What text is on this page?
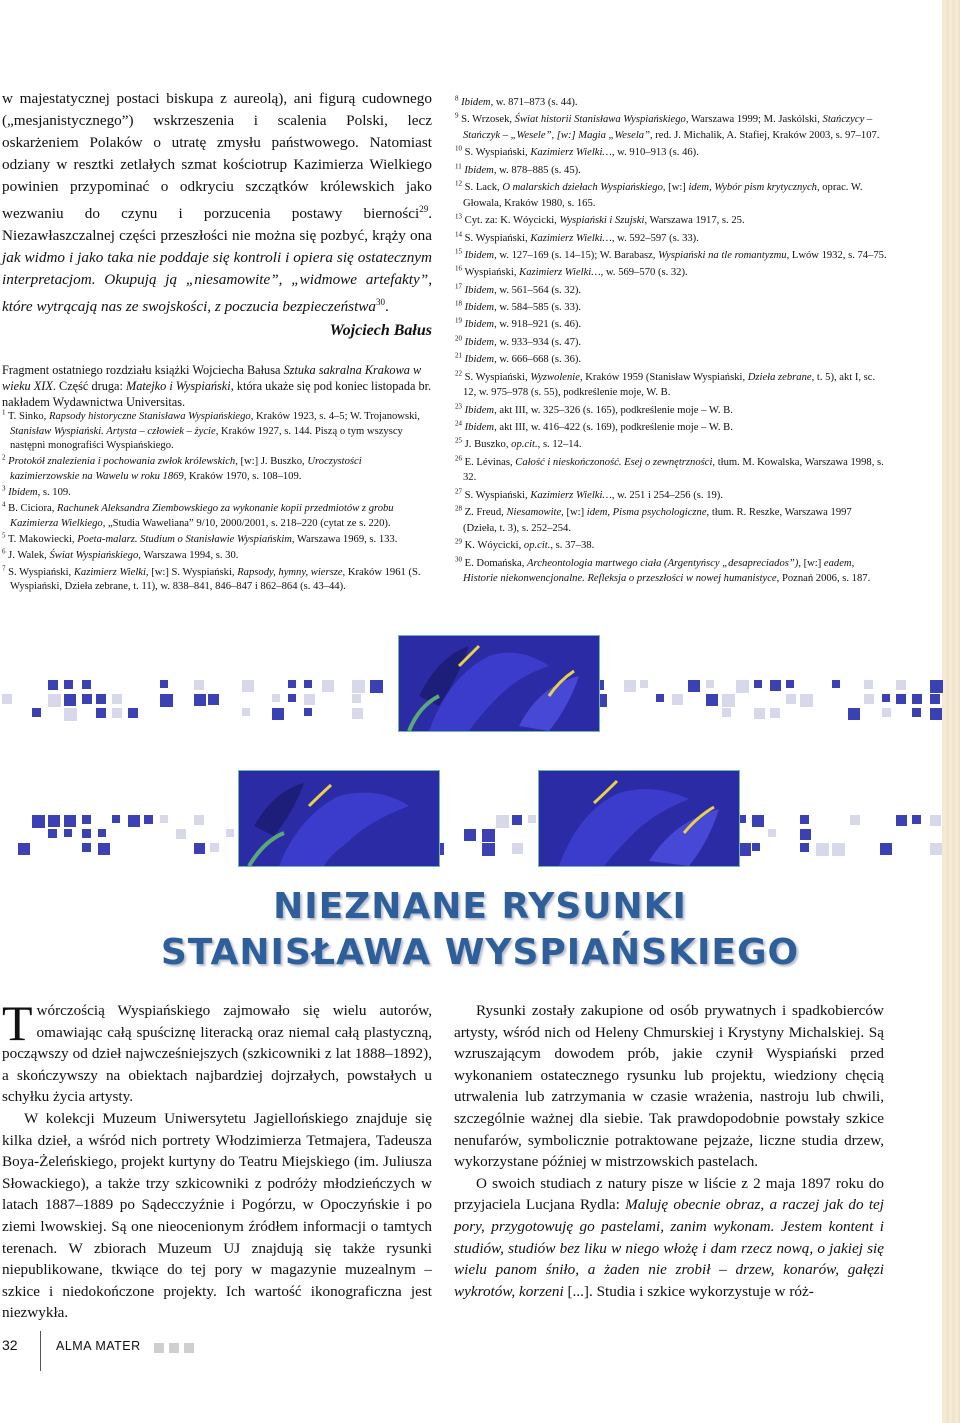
w majestatycznej postaci biskupa z aureolą), ani figurą cudownego („mesjanistycznego”) wskrzeszenia i scalenia Polski, lecz oskarżeniem Polaków o utratę zmysłu państwowego. Natomiast odziany w resztki zetlałych szmat kościotrup Kazimierza Wielkiego powinien przypominać o odkryciu szczątków królewskich jako wezwaniu do czynu i porzucenia postawy bierności$^{29}$. Niezawłaszczalnej części przeszłości nie można się pozbyć, krąży ona jak widmo i jako taka nie poddaje się kontroli i opiera się ostatecznym interpretacjom. Okupują ją „niesamowite”, „widmowe artefakty”, które wytrącają nas ze swojskości, z poczucia bezpieczeństwa$^{30}$.

Wojciech Bałus
Fragment ostatniego rozdziału książki Wojciecha Bałusa Sztuka sakralna Krakowa w wieku XIX. Część druga: Matejko i Wyspiański, która ukaże się pod koniec listopada br. nakładem Wydawnictwa Universitas.

$^1$ T. Sinko, Rapsody historyczne Stanisława Wyspiańskiego, Kraków 1923, s. 4–5; W. Trojanowski, Stanisław Wyspiański. Artysta – człowiek – życie, Kraków 1927, s. 144. Piszą o tym wszyscy następni monografiści Wyspiańskiego.

$^2$ Protokół znalezienia i pochowania zwłok królewskich, [w:] J. Buszko, Uroczystości kazimierzowskie na Wawelu w roku 1869, Kraków 1970, s. 108–109.

$^3$ Ibidem, s. 109.

$^4$ B. Ciciora, Rachunek Aleksandra Ziembowskiego za wykonanie kopii przedmiotów z grobu Kazimierza Wielkiego, „Studia Waweliana” 9/10, 2000/2001, s. 218–220 (cytat ze s. 220).

$^5$ T. Makowiecki, Poeta-malarz. Studium o Stanisławie Wyspiańskim, Warszawa 1969, s. 133.

$^6$ J. Walek, Świat Wyspiańskiego, Warszawa 1994, s. 30.

$^7$ S. Wyspiański, Kazimierz Wielki, [w:] S. Wyspiański, Rapsody, hymny, wiersze, Kraków 1961 (S. Wyspiański, Dzieła zebrane, t. 11), w. 838–841, 846–847 i 862–864 (s. 43–44).

$^8$ Ibidem, w. 871–873 (s. 44).

$^9$ S. Wrzosek, Świat historii Stanisława Wyspiańskiego, Warszawa 1999; M. Jaskólski, Stańczycy – Stańczyk – „Wesele”, [w:] Magia „Wesela”, red. J. Michalik, A. Stafiej, Kraków 2003, s. 97–107.

$^{10}$ S. Wyspiański, Kazimierz Wielki…, w. 910–913 (s. 46).

$^{11}$ Ibidem, w. 878–885 (s. 45).

$^{12}$ S. Lack, O malarskich dziełach Wyspiańskiego, [w:] idem, Wybór pism krytycznych, oprac. W. Głowala, Kraków 1980, s. 165.

$^{13}$ Cyt. za: K. Wóycicki, Wyspiański i Szujski, Warszawa 1917, s. 25.

$^{14}$ S. Wyspiański, Kazimierz Wielki…, w. 592–597 (s. 33).

$^{15}$ Ibidem, w. 127–169 (s. 14–15); W. Barabasz, Wyspiański na tle romantyzmu, Lwów 1932, s. 74–75.

$^{16}$ Wyspiański, Kazimierz Wielki…, w. 569–570 (s. 32).

$^{17}$ Ibidem, w. 561–564 (s. 32).

$^{18}$ Ibidem, w. 584–585 (s. 33).

$^{19}$ Ibidem, w. 918–921 (s. 46).

$^{20}$ Ibidem, w. 933–934 (s. 47).

$^{21}$ Ibidem, w. 666–668 (s. 36).

$^{22}$ S. Wyspiański, Wyzwolenie, Kraków 1959 (Stanisław Wyspiański, Dzieła zebrane, t. 5), akt I, sc. 12, w. 975–978 (s. 55), podkreślenie moje, W. B.

$^{23}$ Ibidem, akt III, w. 325–326 (s. 165), podkreślenie moje – W. B.

$^{24}$ Ibidem, akt III, w. 416–422 (s. 169), podkreślenie moje – W. B.

$^{25}$ J. Buszko, op.cit., s. 12–14.

$^{26}$ E. Lévinas, Całość i nieskończoność. Esej o zewnętrzności, tłum. M. Kowalska, Warszawa 1998, s. 32.

$^{27}$ S. Wyspiański, Kazimierz Wielki…, w. 251 i 254–256 (s. 19).

$^{28}$ Z. Freud, Niesamowite, [w:] idem, Pisma psychologiczne, tłum. R. Reszke, Warszawa 1997 (Dzieła, t. 3), s. 252–254.

$^{29}$ K. Wóycicki, op.cit., s. 37–38.

$^{30}$ E. Domańska, Archeontologia martwego ciała (Argentyńscy „desapreciados”), [w:] eadem, Historie niekonwencjonalne. Refleksja o przeszłości w nowej humanistyce, Poznań 2006, s. 187.

NIEZNANE RYSUNKI
STANISŁAWA WYSPIAŃSKIEGO

Twórczością Wyspiańskiego zajmowało się wielu autorów, omawiając całą spuściznę literacką oraz niemal całą plastyczną, począwszy od dzieł najwcześniejszych (szkicowniki z lat 1888–1892), a skończywszy na obiektach najbardziej dojrzałych, powstałych u schyłku życia artysty.

W kolekcji Muzeum Uniwersytetu Jagiellońskiego znajduje się kilka dzieł, a wśród nich portrety Włodzimierza Tetmajera, Tadeusza Boya-Żeleńskiego, projekt kurtyny do Teatru Miejskiego (im. Juliusza Słowackiego), a także trzy szkicowniki z podróży młodzieńczych w latach 1887–1889 po Sądecczyźnie i Pogórzu, w Opoczyńskie i po ziemi lwowskiej. Są one nieocenionym źródłem informacji o tamtych terenach. W zbiorach Muzeum UJ znajdują się także rysunki niepublikowane, tkwiące do tej pory w magazynie muzealnym – szkice i niedokończone projekty. Ich wartość ikonograficzna jest niezwykła.

Rysunki zostały zakupione od osób prywatnych i spadkobierców artysty, wśród nich od Heleny Chmurskiej i Krystyny Michalskiej. Są wzruszającym dowodem prób, jakie czynił Wyspiański przed wykonaniem ostatecznego rysunku lub projektu, wiedziony chęcią utrwalenia lub zatrzymania w czasie wrażenia, nastroju lub chwili, szczególnie ważnej dla siebie. Tak prawdopodobnie powstały szkice nenufarów, symbolicznie potraktowane pejzaże, liczne studia drzew, wykorzystane później w mistrzowskich pastelach.

O swoich studiach z natury pisze w liście z 2 maja 1897 roku do przyjaciela Lucjana Rydla: Maluję obecnie obraz, a raczej jak do tej pory, przygotowuję go pastelami, zanim wykonam. Jestem kontent i studiów, studiów bez liku w niego włożę i dam rzecz nową, o jakiej się wielu panom śniło, a żaden nie zrobił – drzew, konarów, gałęzi wykrotów, korzeni [...]. Studia i szkice wykorzystuje w róż-

32	ALMA MATER
